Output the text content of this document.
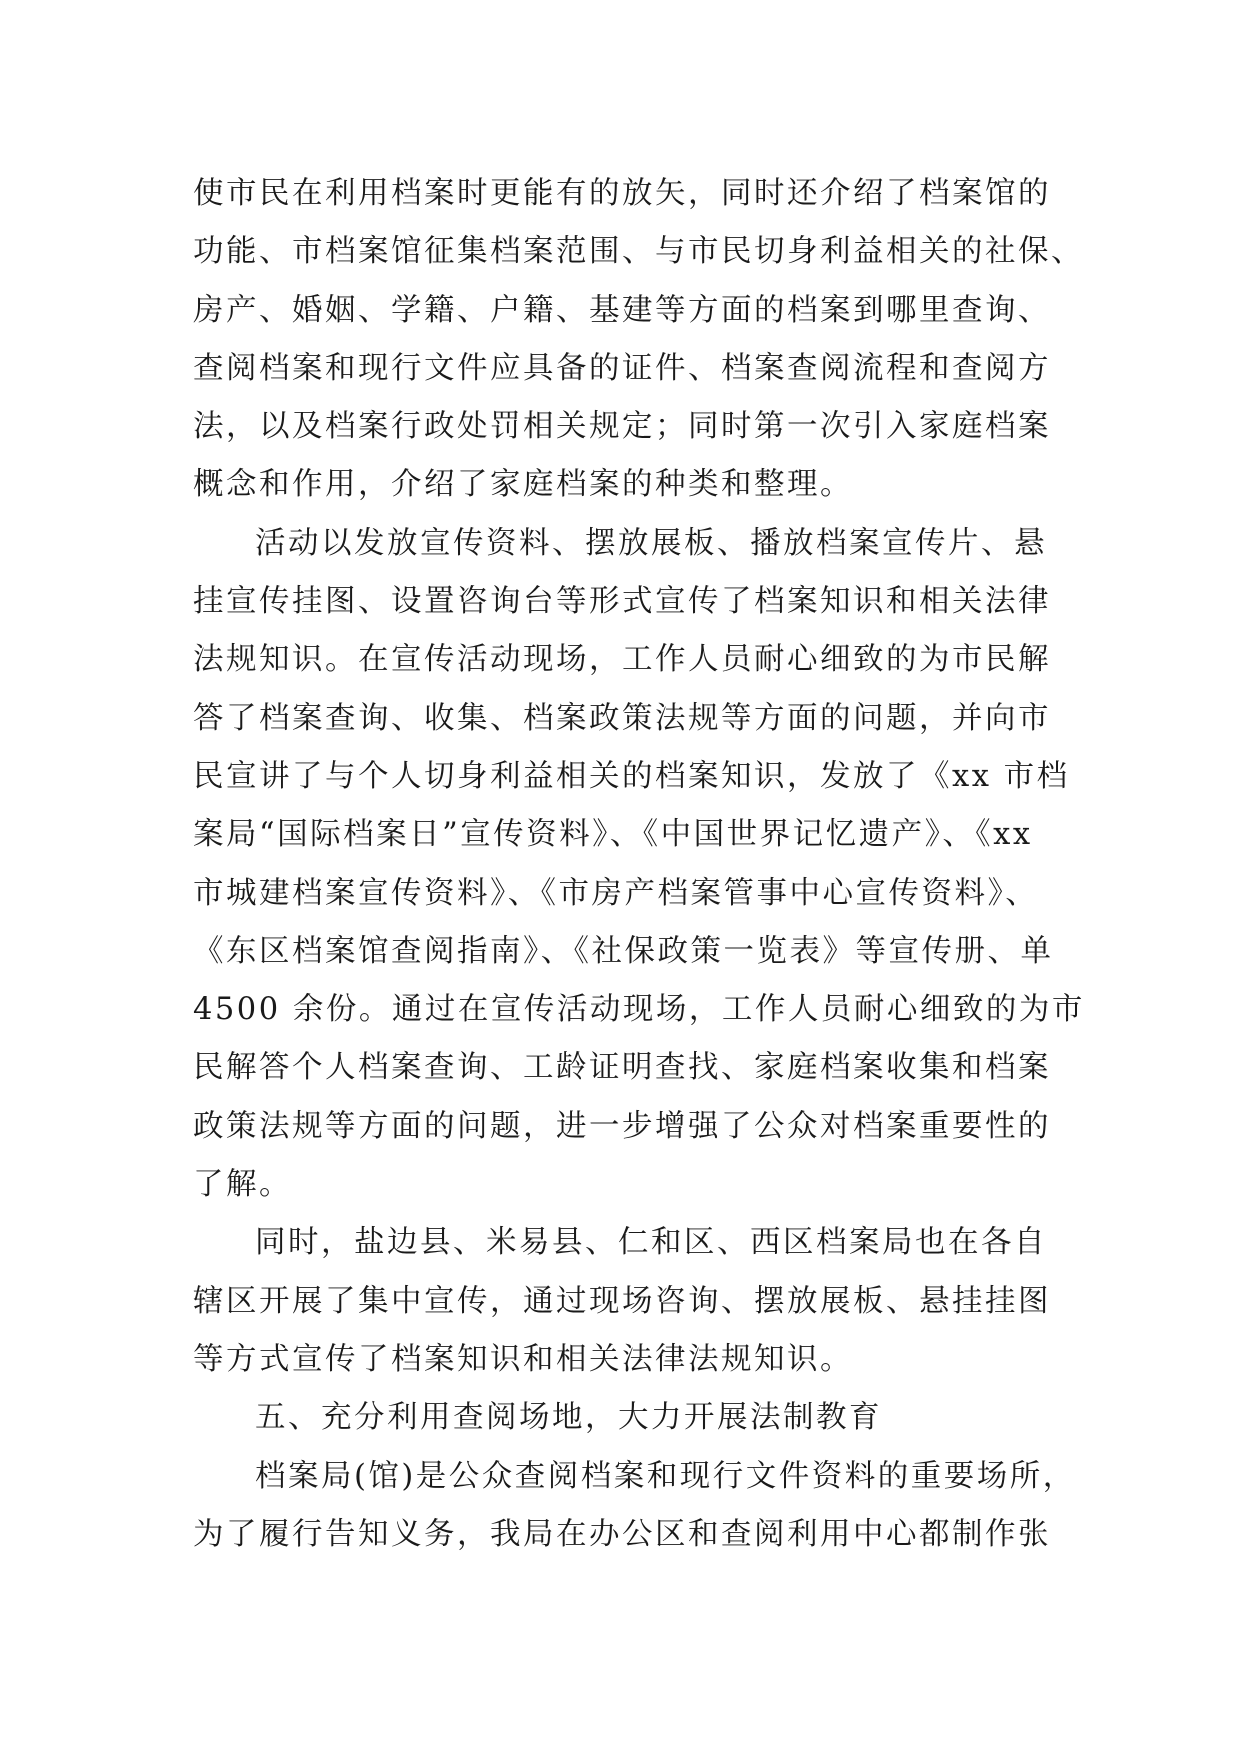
使市民在利用档案时更能有的放矢，同时还介绍了档案馆的
功能、市档案馆征集档案范围、与市民切身利益相关的社保、
房产、婚姻、学籍、户籍、基建等方面的档案到哪里查询、
查阅档案和现行文件应具备的证件、档案查阅流程和查阅方
法，以及档案行政处罚相关规定；同时第一次引入家庭档案
概念和作用，介绍了家庭档案的种类和整理。
活动以发放宣传资料、摆放展板、播放档案宣传片、悬
挂宣传挂图、设置咨询台等形式宣传了档案知识和相关法律
法规知识。在宣传活动现场，工作人员耐心细致的为市民解
答了档案查询、收集、档案政策法规等方面的问题，并向市
民宣讲了与个人切身利益相关的档案知识，发放了《xx 市档
案局“国际档案日”宣传资料》、《中国世界记忆遗产》、《xx
市城建档案宣传资料》、《市房产档案管事中心宣传资料》、
《东区档案馆查阅指南》、《社保政策一览表》等宣传册、单
4500 余份。通过在宣传活动现场，工作人员耐心细致的为市
民解答个人档案查询、工龄证明查找、家庭档案收集和档案
政策法规等方面的问题，进一步增强了公众对档案重要性的
了解。
同时，盐边县、米易县、仁和区、西区档案局也在各自
辖区开展了集中宣传，通过现场咨询、摆放展板、悬挂挂图
等方式宣传了档案知识和相关法律法规知识。
五、充分利用查阅场地，大力开展法制教育
档案局(馆)是公众查阅档案和现行文件资料的重要场所，
为了履行告知义务，我局在办公区和查阅利用中心都制作张
